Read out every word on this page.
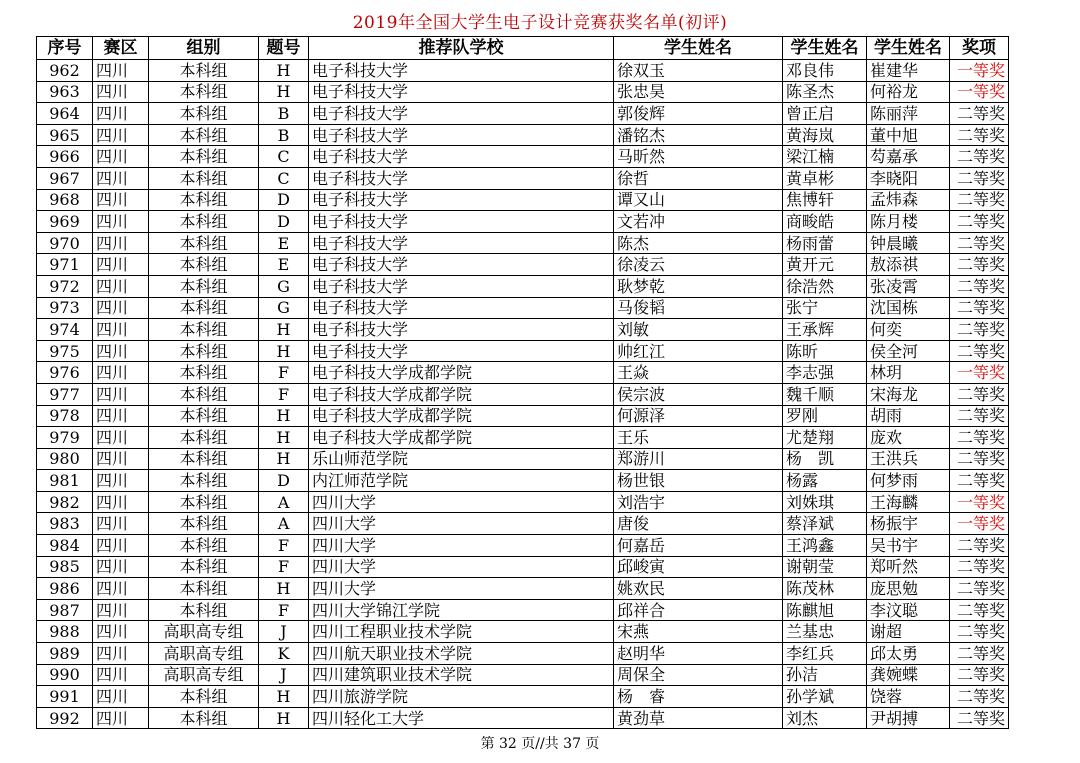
2019年全国大学生电子设计竞赛获奖名单(初评)
序号	赛区	组别	题号	推荐队学校	学生姓名	学生姓名	学生姓名	奖项
962	四川	本科组	H	电子科技大学	徐双玉	邓良伟	崔建华	一等奖
963	四川	本科组	H	电子科技大学	张忠昊	陈圣杰	何裕龙	一等奖
964	四川	本科组	B	电子科技大学	郭俊辉	曾正启	陈丽萍	二等奖
965	四川	本科组	B	电子科技大学	潘铭杰	黄海岚	董中旭	二等奖
966	四川	本科组	C	电子科技大学	马昕然	梁江楠	芶嘉承	二等奖
967	四川	本科组	C	电子科技大学	徐哲	黄卓彬	李晓阳	二等奖
968	四川	本科组	D	电子科技大学	谭又山	焦博轩	孟炜森	二等奖
969	四川	本科组	D	电子科技大学	文若冲	商畯皓	陈月楼	二等奖
970	四川	本科组	E	电子科技大学	陈杰	杨雨蕾	钟晨曦	二等奖
971	四川	本科组	E	电子科技大学	徐凌云	黄开元	敖添祺	二等奖
972	四川	本科组	G	电子科技大学	耿梦乾	徐浩然	张凌霄	二等奖
973	四川	本科组	G	电子科技大学	马俊韬	张宁	沈国栋	二等奖
974	四川	本科组	H	电子科技大学	刘敏	王承辉	何奕	二等奖
975	四川	本科组	H	电子科技大学	帅红江	陈昕	侯全河	二等奖
976	四川	本科组	F	电子科技大学成都学院	王焱	李志强	林玥	一等奖
977	四川	本科组	F	电子科技大学成都学院	侯宗波	魏千顺	宋海龙	二等奖
978	四川	本科组	H	电子科技大学成都学院	何源泽	罗刚	胡雨	二等奖
979	四川	本科组	H	电子科技大学成都学院	王乐	尤楚翔	庞欢	二等奖
980	四川	本科组	H	乐山师范学院	郑游川	杨　凯	王洪兵	二等奖
981	四川	本科组	D	内江师范学院	杨世银	杨露	何梦雨	二等奖
982	四川	本科组	A	四川大学	刘浩宇	刘姝琪	王海麟	一等奖
983	四川	本科组	A	四川大学	唐俊	蔡泽斌	杨振宇	一等奖
984	四川	本科组	F	四川大学	何嘉岳	王鸿鑫	吴书宇	二等奖
985	四川	本科组	F	四川大学	邱峻寅	谢朝莹	郑听然	二等奖
986	四川	本科组	H	四川大学	姚欢民	陈茂林	庞思勉	二等奖
987	四川	本科组	F	四川大学锦江学院	邱祥合	陈麒旭	李汶聪	二等奖
988	四川	高职高专组	J	四川工程职业技术学院	宋燕	兰基忠	谢超	二等奖
989	四川	高职高专组	K	四川航天职业技术学院	赵明华	李红兵	邱太勇	二等奖
990	四川	高职高专组	J	四川建筑职业技术学院	周保全	孙洁	龚婉蝶	二等奖
991	四川	本科组	H	四川旅游学院	杨　睿	孙学斌	饶蓉	二等奖
992	四川	本科组	H	四川轻化工大学	黄劲草	刘杰	尹胡搏	二等奖
第 32 页//共 37 页
